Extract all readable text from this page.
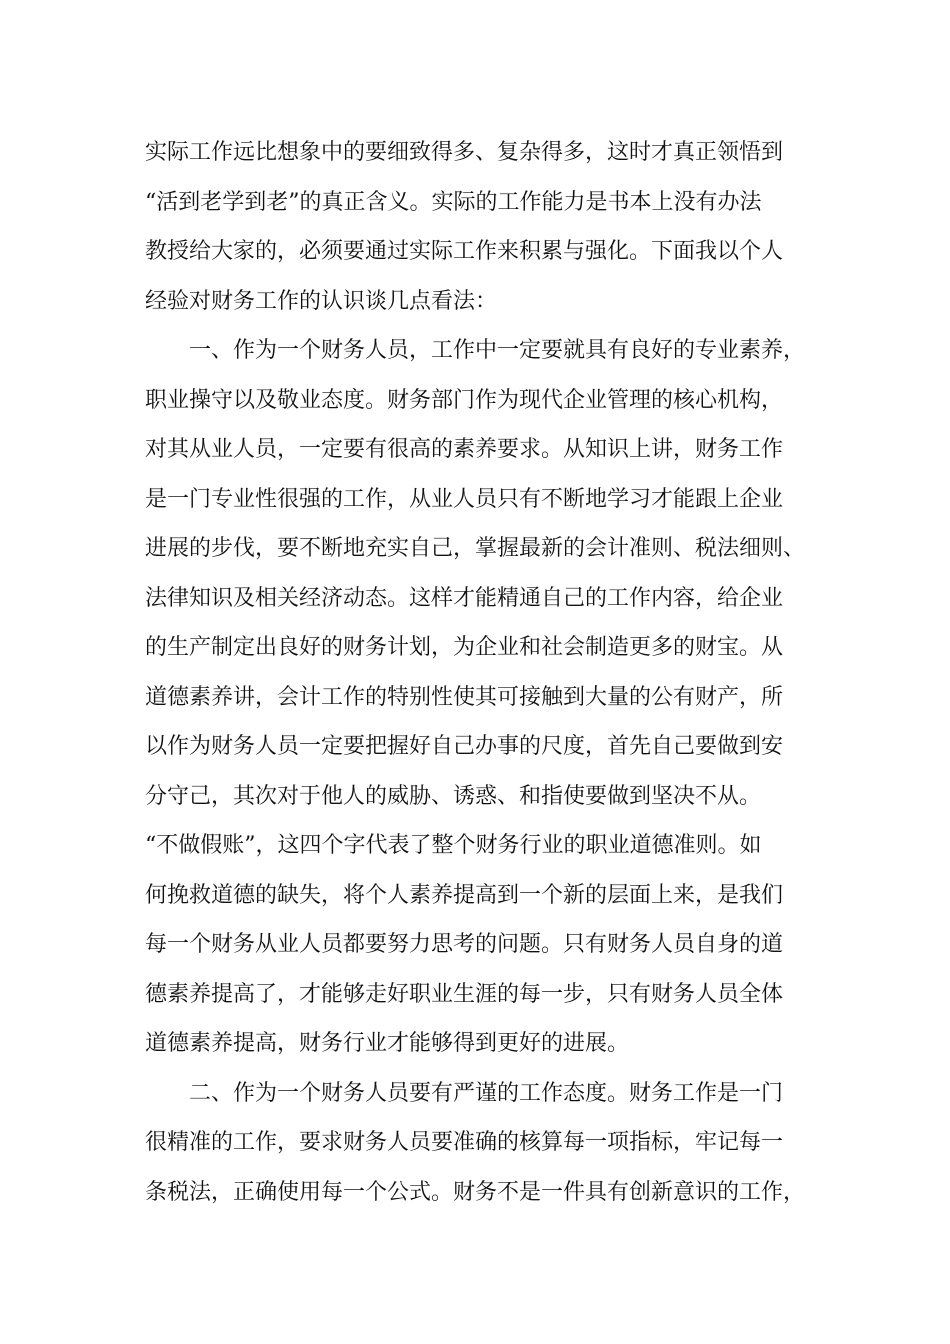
实际工作远比想象中的要细致得多、复杂得多，这时才真正领悟到
“活到老学到老”的真正含义。实际的工作能力是书本上没有办法
教授给大家的，必须要通过实际工作来积累与强化。下面我以个人
经验对财务工作的认识谈几点看法：
一、作为一个财务人员，工作中一定要就具有良好的专业素养，
职业操守以及敬业态度。财务部门作为现代企业管理的核心机构，
对其从业人员，一定要有很高的素养要求。从知识上讲，财务工作
是一门专业性很强的工作，从业人员只有不断地学习才能跟上企业
进展的步伐，要不断地充实自己，掌握最新的会计准则、税法细则、
法律知识及相关经济动态。这样才能精通自己的工作内容，给企业
的生产制定出良好的财务计划，为企业和社会制造更多的财宝。从
道德素养讲，会计工作的特别性使其可接触到大量的公有财产，所
以作为财务人员一定要把握好自己办事的尺度，首先自己要做到安
分守己，其次对于他人的威胁、诱惑、和指使要做到坚决不从。
“不做假账”，这四个字代表了整个财务行业的职业道德准则。如
何挽救道德的缺失，将个人素养提高到一个新的层面上来，是我们
每一个财务从业人员都要努力思考的问题。只有财务人员自身的道
德素养提高了，才能够走好职业生涯的每一步，只有财务人员全体
道德素养提高，财务行业才能够得到更好的进展。
二、作为一个财务人员要有严谨的工作态度。财务工作是一门
很精准的工作，要求财务人员要准确的核算每一项指标，牢记每一
条税法，正确使用每一个公式。财务不是一件具有创新意识的工作，
